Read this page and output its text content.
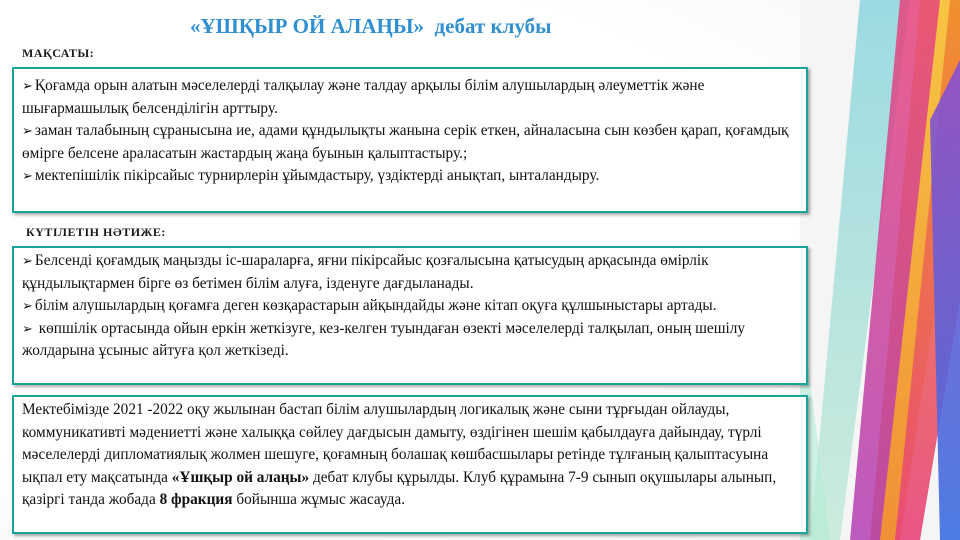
«ҰШҚЫР ОЙ АЛАҢЫ» дебат клубы
МАҚСАТЫ:

➢ Қоғамда орын алатын мәселелерді талқылау және талдау арқылы білім алушылардың әлеуметтік және шығармашылық белсенділігін арттыру.

➢ заман талабының сұранысына ие, адами құндылықты жанына серік еткен, айналасына сын көзбен қарап, қоғамдық өмірге белсене араласатын жастардың жаңа буынын қалыптастыру.;

➢ мектепішілік пікірсайыс турнирлерін ұйымдастыру, үздіктерді анықтап, ынталандыру.

КҮТІЛЕТІН НӘТИЖЕ:

➢ Белсенді қоғамдық маңызды іс-шараларға, яғни пікірсайыс қозғалысына қатысудың арқасында өмірлік құндылықтармен бірге өз бетімен білім алуға, ізденуге дағдыланады.

➢ білім алушылардың қоғамға деген көзқарастарын айқындайды және кітап оқуға құлшыныстары артады.

➢ көпшілік ортасында ойын еркін жеткізуге, кез-келген туындаған өзекті мәселелерді талқылап, оның шешілу жолдарына ұсыныс айтуға қол жеткізеді.

Мектебімізде 2021 -2022 оқу жылынан бастап білім алушылардың логикалық және сыни тұрғыдан ойлауды, коммуникативті мәдениетті және халыққа сөйлеу дағдысын дамыту, өздігінен шешім қабылдауға дайындау, түрлі мәселелерді дипломатиялық жолмен шешуге, қоғамның болашақ көшбасшылары ретінде тұлғаның қалыптасуына ықпал ету мақсатында «Ұшқыр ой алаңы» дебат клубы құрылды. Клуб құрамына 7-9 сынып оқушылары алынып, қазіргі танда жобада 8 фракция бойынша жұмыс жасауда.
